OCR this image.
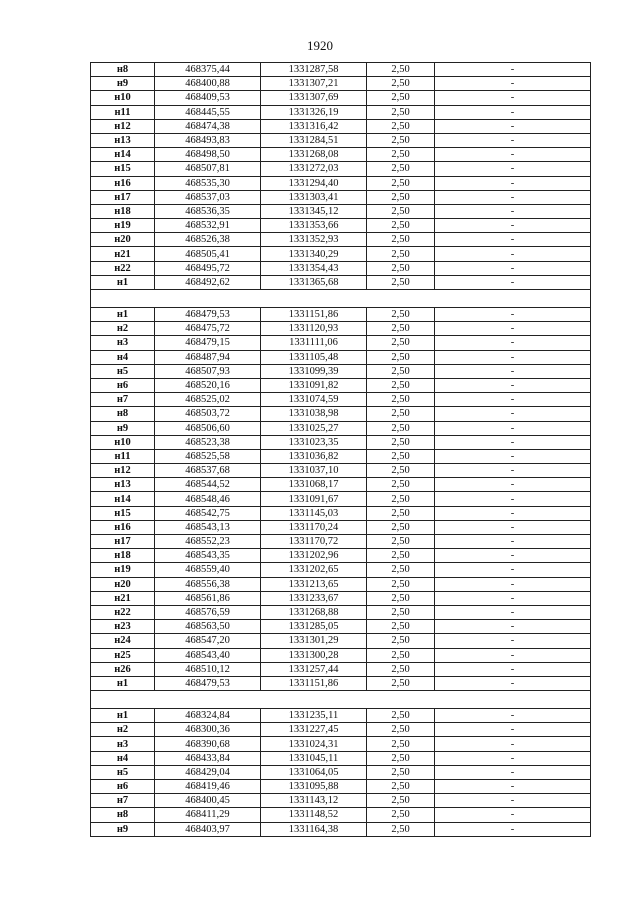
1920
н8	468375,44	1331287,58	2,50	-
н9	468400,88	1331307,21	2,50	-
н10	468409,53	1331307,69	2,50	-
н11	468445,55	1331326,19	2,50	-
н12	468474,38	1331316,42	2,50	-
н13	468493,83	1331284,51	2,50	-
н14	468498,50	1331268,08	2,50	-
н15	468507,81	1331272,03	2,50	-
н16	468535,30	1331294,40	2,50	-
н17	468537,03	1331303,41	2,50	-
н18	468536,35	1331345,12	2,50	-
н19	468532,91	1331353,66	2,50	-
н20	468526,38	1331352,93	2,50	-
н21	468505,41	1331340,29	2,50	-
н22	468495,72	1331354,43	2,50	-
н1	468492,62	1331365,68	2,50	-

н1	468479,53	1331151,86	2,50	-
н2	468475,72	1331120,93	2,50	-
н3	468479,15	1331111,06	2,50	-
н4	468487,94	1331105,48	2,50	-
н5	468507,93	1331099,39	2,50	-
н6	468520,16	1331091,82	2,50	-
н7	468525,02	1331074,59	2,50	-
н8	468503,72	1331038,98	2,50	-
н9	468506,60	1331025,27	2,50	-
н10	468523,38	1331023,35	2,50	-
н11	468525,58	1331036,82	2,50	-
н12	468537,68	1331037,10	2,50	-
н13	468544,52	1331068,17	2,50	-
н14	468548,46	1331091,67	2,50	-
н15	468542,75	1331145,03	2,50	-
н16	468543,13	1331170,24	2,50	-
н17	468552,23	1331170,72	2,50	-
н18	468543,35	1331202,96	2,50	-
н19	468559,40	1331202,65	2,50	-
н20	468556,38	1331213,65	2,50	-
н21	468561,86	1331233,67	2,50	-
н22	468576,59	1331268,88	2,50	-
н23	468563,50	1331285,05	2,50	-
н24	468547,20	1331301,29	2,50	-
н25	468543,40	1331300,28	2,50	-
н26	468510,12	1331257,44	2,50	-
н1	468479,53	1331151,86	2,50	-

н1	468324,84	1331235,11	2,50	-
н2	468300,36	1331227,45	2,50	-
н3	468390,68	1331024,31	2,50	-
н4	468433,84	1331045,11	2,50	-
н5	468429,04	1331064,05	2,50	-
н6	468419,46	1331095,88	2,50	-
н7	468400,45	1331143,12	2,50	-
н8	468411,29	1331148,52	2,50	-
н9	468403,97	1331164,38	2,50	-
